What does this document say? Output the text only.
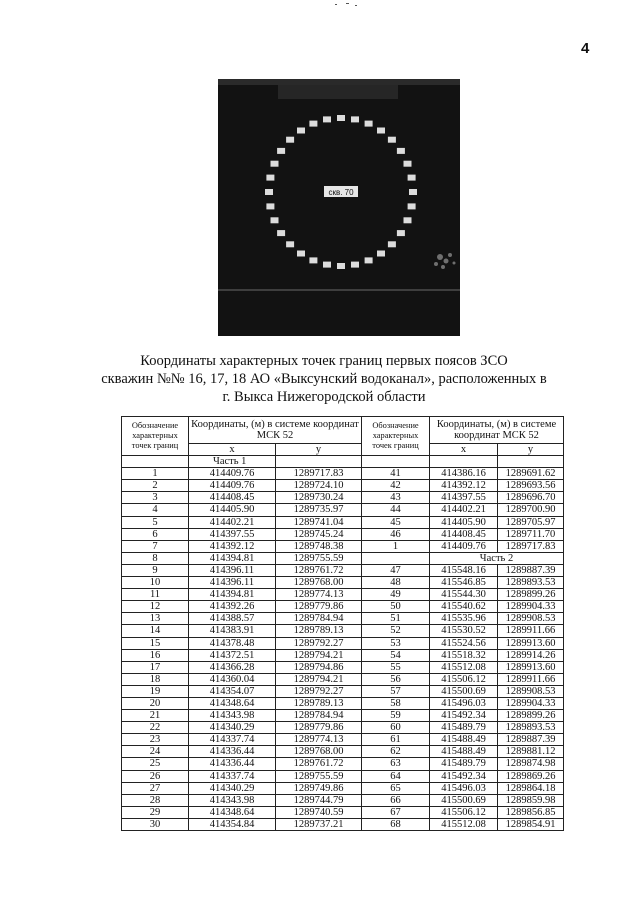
4
скв. 70
Координаты характерных точек границ первых поясов ЗСО
скважин №№ 16, 17, 18 АО «Выксунский водоканал», расположенных в
г. Выкса Нижегородской области
Обозначение характерных точек границ	Координаты, (м) в системе координат МСК 52		Обозначение характерных точек границ	Координаты, (м) в системе координат МСК 52	
	x	y		x	y
	Часть 1				
1	414409.76	1289717.83	41	414386.16	1289691.62
2	414409.76	1289724.10	42	414392.12	1289693.56
3	414408.45	1289730.24	43	414397.55	1289696.70
4	414405.90	1289735.97	44	414402.21	1289700.90
5	414402.21	1289741.04	45	414405.90	1289705.97
6	414397.55	1289745.24	46	414408.45	1289711.70
7	414392.12	1289748.38	1	414409.76	1289717.83
8	414394.81	1289755.59		Часть 2	
9	414396.11	1289761.72	47	415548.16	1289887.39
10	414396.11	1289768.00	48	415546.85	1289893.53
11	414394.81	1289774.13	49	415544.30	1289899.26
12	414392.26	1289779.86	50	415540.62	1289904.33
13	414388.57	1289784.94	51	415535.96	1289908.53
14	414383.91	1289789.13	52	415530.52	1289911.66
15	414378.48	1289792.27	53	415524.56	1289913.60
16	414372.51	1289794.21	54	415518.32	1289914.26
17	414366.28	1289794.86	55	415512.08	1289913.60
18	414360.04	1289794.21	56	415506.12	1289911.66
19	414354.07	1289792.27	57	415500.69	1289908.53
20	414348.64	1289789.13	58	415496.03	1289904.33
21	414343.98	1289784.94	59	415492.34	1289899.26
22	414340.29	1289779.86	60	415489.79	1289893.53
23	414337.74	1289774.13	61	415488.49	1289887.39
24	414336.44	1289768.00	62	415488.49	1289881.12
25	414336.44	1289761.72	63	415489.79	1289874.98
26	414337.74	1289755.59	64	415492.34	1289869.26
27	414340.29	1289749.86	65	415496.03	1289864.18
28	414343.98	1289744.79	66	415500.69	1289859.98
29	414348.64	1289740.59	67	415506.12	1289856.85
30	414354.84	1289737.21	68	415512.08	1289854.91
